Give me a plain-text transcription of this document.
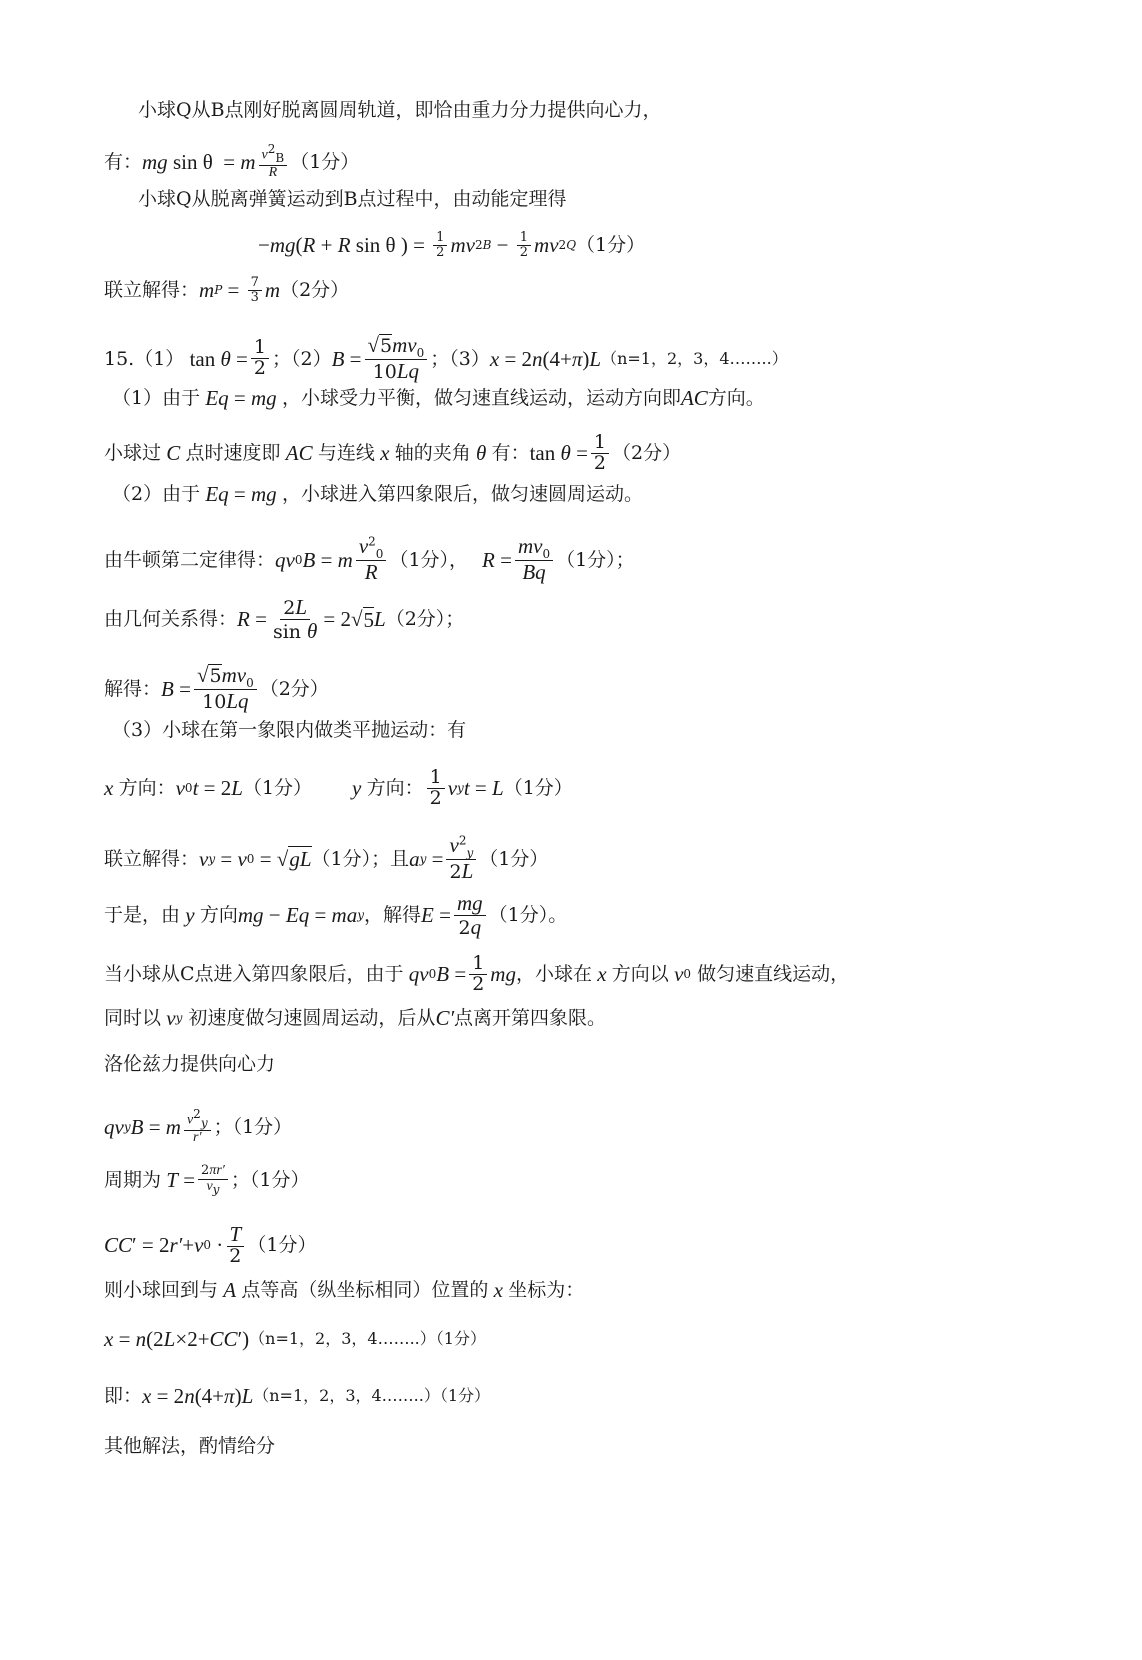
小球Q从B点刚好脱离圆周轨道，即恰由重力分力提供向心力，
有： mg sin θ  = m $\frac{v^2_B}{R} (1$分）
小球Q从脱离弹簧运动到B点过程中，由动能定理得
− mg ( R + R sin θ ) = $\frac{1}{2}$ mv 2 $B - \frac{1}{2}$ mv 2 Q （1分）
联立解得： m $P = \frac{7}{3}$ m （2分）
15.（1） $\tan \theta = \frac{1}{2}$ ；（2） $B = \frac{√5mv_0}{10Lq}$ ；（3） x = 2 n (4+ π ) L （n=1，2，3，4……..）
（1）由于 Eq = mg ，小球受力平衡，做匀速直线运动，运动方向即 AC 方向。
小球过 C 点时速度即 AC 与连线 x 轴的夹角 θ 有： $\tan \theta = \frac{1}{2} (2$分）
（2）由于 Eq = mg ，小球进入第四象限后，做匀速圆周运动。
由牛顿第二定律得： qv 0 B = m $\frac{v^2_0}{R} (1$分）， $R = \frac{mv_0}{Bq} (1$分）；
由几何关系得： $R = \frac{2L}{\text{sin θ}} = 2√$ 5 L （2分）；
解得： $B = \frac{√5mv_0}{10Lq} (2$分）
（3）小球在第一象限内做类平抛运动：有
x 方向： v 0 t = 2 L （1分） y 方向： $\frac{1}{2}$ v y t = L （1分）
联立解得： v y = v 0 = √ gL （1分）；且 a $y = \frac{v^2_y}{2L} (1$分）
于是，由 y 方向 mg − Eq = ma y ，解得 $E = \frac{mg}{2q} (1$分）。
当小球从C点进入第四象限后，由于 qv 0 $B = \frac{1}{2}$ mg ，小球在 x 方向以 v 0
做匀速直线运动，
同时以 v y
初速度做匀速圆周运动，后从 C′ 点离开第四象限。
洛伦兹力提供向心力
qv y B = m $\frac{v^2_y}{r'}$ ；（1分）
周期为 $T = \frac{2\pi r'}{v_y}$ ；（1分）
CC ′ = 2 r′ + v $0 \cdot \frac{T}{2} (1$分）
则小球回到与 A 点等高（纵坐标相同）位置的 x 坐标为：
x = n (2 L ×2+ CC ′) （n=1，2，3，4……..）（1分）
即： x = 2 n (4+ π ) L （n=1，2，3，4……..）（1分）
其他解法，酌情给分
